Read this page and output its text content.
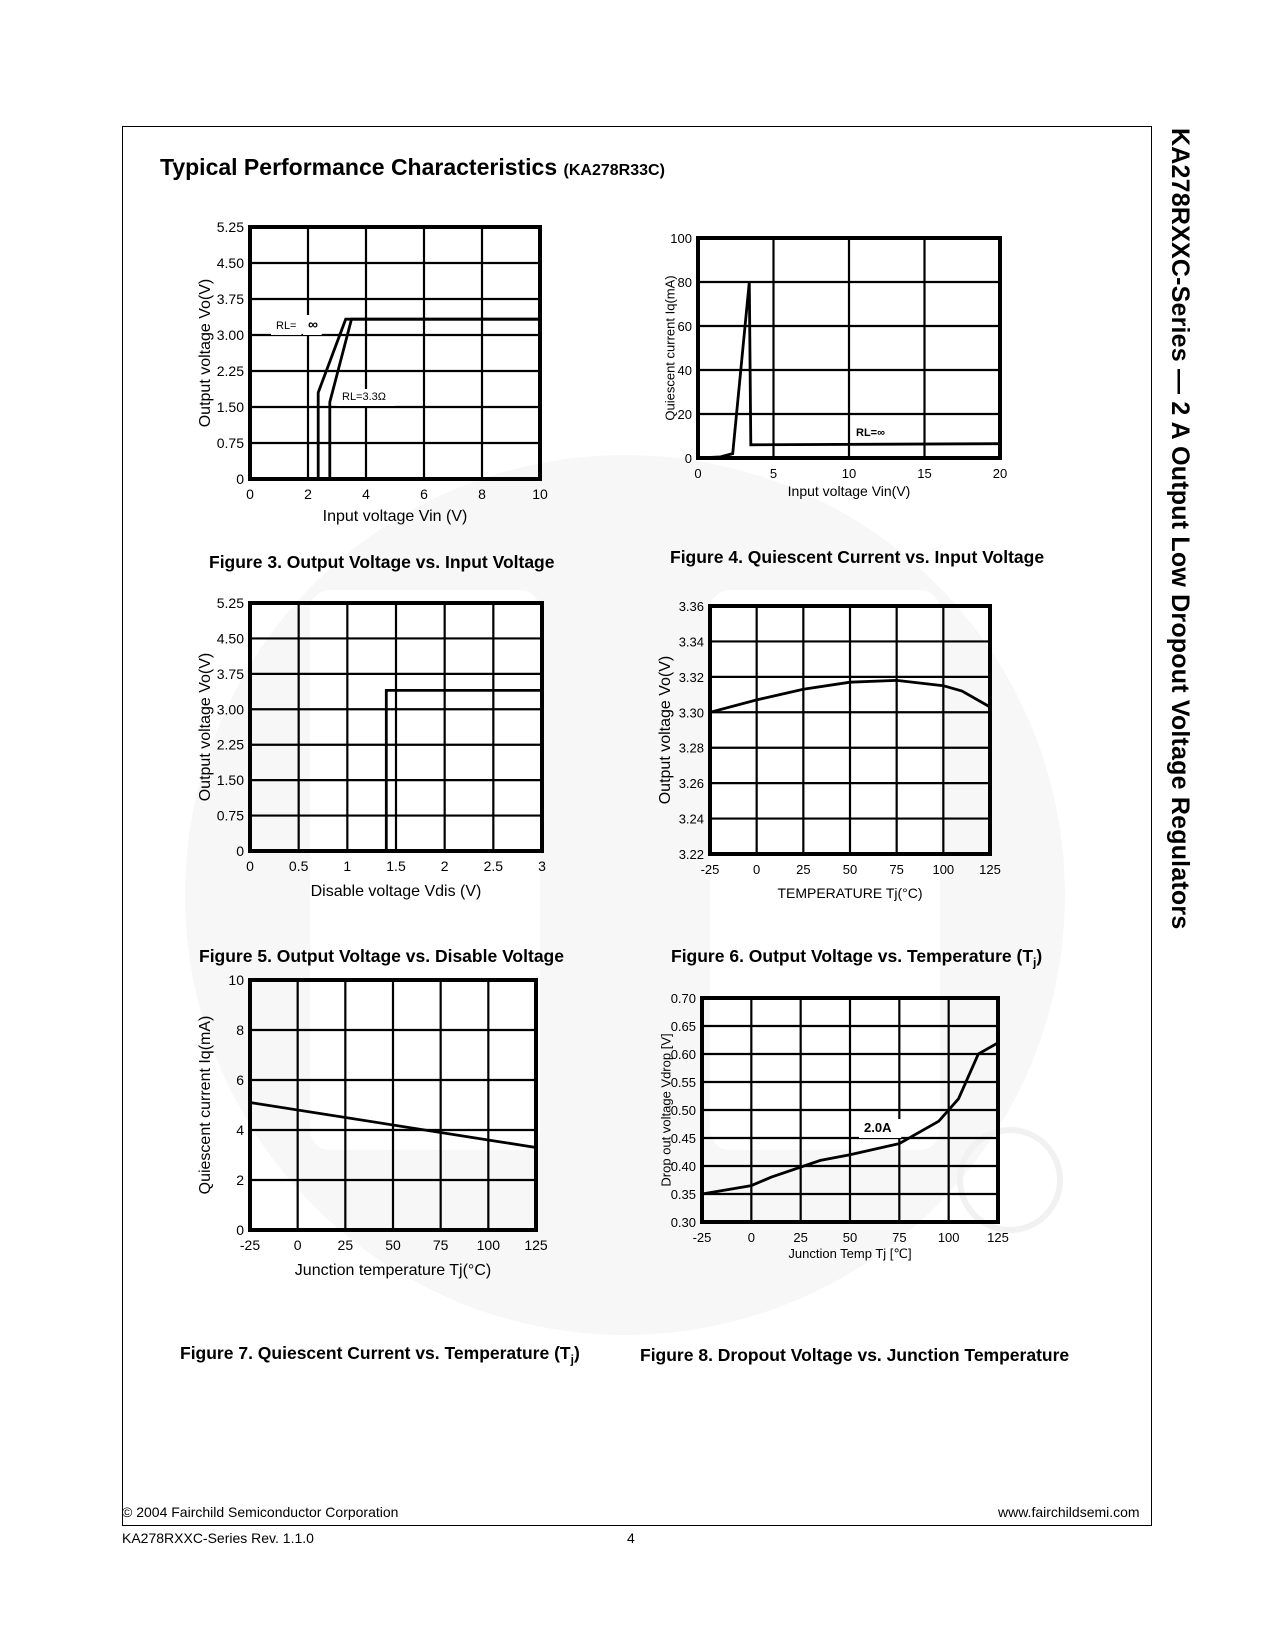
KA278RXXC-Series — 2 A Output Low Dropout Voltage Regulators
Typical Performance Characteristics (KA278R33C)
0	2	4	6	8	10
0
0.75
1.50
2.25
3.00
3.75
4.50
5.25
Input voltage Vin (V)
Output voltage Vo(V)	RL= ∞
RL=3.3Ω
0	5	10	15	20
0
20
40
60
80
100
Input voltage Vin(V)
Quiescent current Iq(mA)
RL=∞
0	0.5	1	1.5	2	2.5	3
0
0.75
1.50
2.25
3.00
3.75
4.50
5.25
Disable voltage Vdis (V)
Output voltage Vo(V)
-25	0	25 50 75 100 125
3.22
3.24
3.26
3.28
3.30
3.32
3.34
3.36
TEMPERATURE Tj(°C)
Output voltage Vo(V)
-25 0	25 50 75 100 125
0
2
4
6
8
10
Junction temperature Tj(°C)
Quiescent current Iq(mA)
-25	0	25	50	75 100 125
0.30
0.35
0.40
0.45
0.50
0.55
0.60
0.65
0.70
Junction Temp Tj [℃]
Drop out voltage Vdrop [V]	2.0A
Figure 3. Output Voltage vs. Input Voltage	Figure 4. Quiescent Current vs. Input Voltage
Figure 5. Output Voltage vs. Disable Voltage	Figure 6. Output Voltage vs. Temperature $(T_j)$
Figure 7. Quiescent Current vs. Temperature $(T_j)$	Figure 8. Dropout Voltage vs. Junction Temperature
© 2004 Fairchild Semiconductor Corporation
KA278RXXC-Series Rev. 1.1.0	4
www.fairchildsemi.com
